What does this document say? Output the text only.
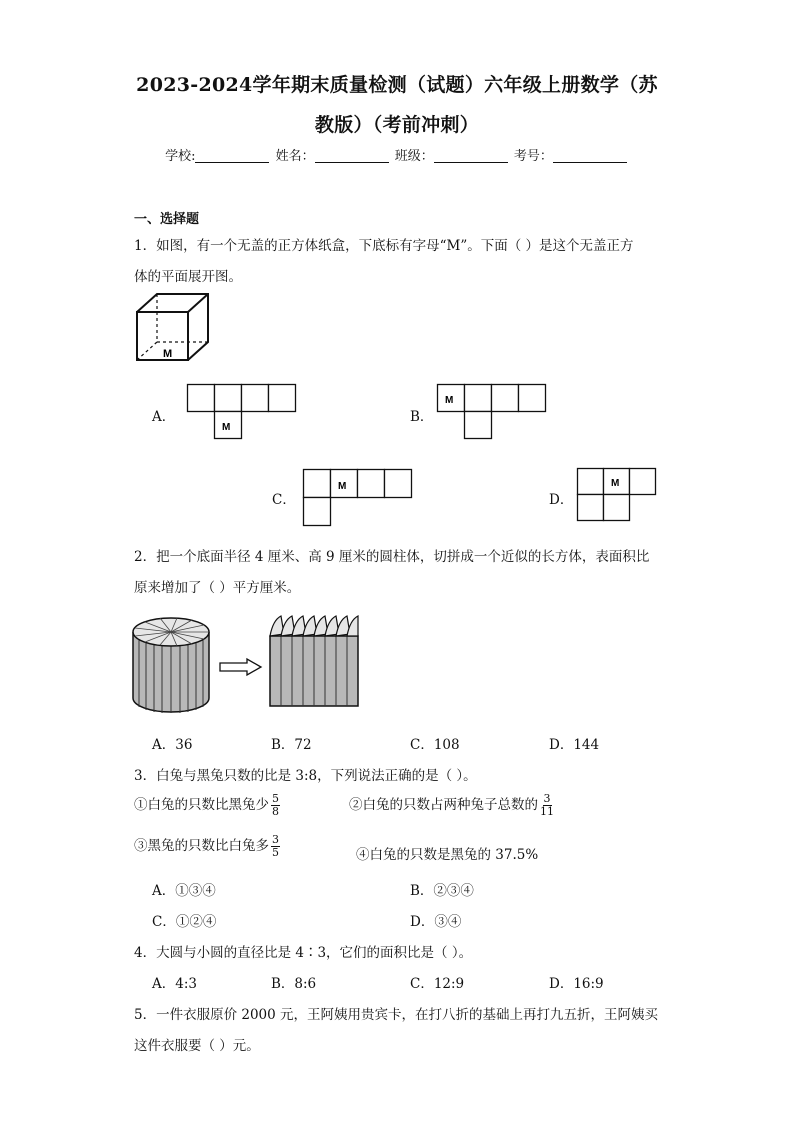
2023-2024学年期末质量检测（试题）六年级上册数学（苏
教版）（考前冲刺）
学校:	姓名：	班级：	考号：
一、选择题
1．如图，有一个无盖的正方体纸盒，下底标有字母“M”。下面（ ）是这个无盖正方
体的平面展开图。
M
A．
M
B．
M
C．
M
D．
M
2．把一个底面半径 4 厘米、高 9 厘米的圆柱体，切拼成一个近似的长方体，表面积比
原来增加了（ ）平方厘米。
A．36	B．72	C．108	D．144
3．白兔与黑兔只数的比是 3:8，下列说法正确的是（ ）。
①白兔的只数比黑兔少 $\frac{5}{8}$	②白兔的只数占两种兔子总数的 $\frac{3}{11}$
③黑兔的只数比白兔多 $\frac{3}{5}$	④白兔的只数是黑兔的 37.5%
A．①③④	B．②③④
C．①②④	D．③④
4．大圆与小圆的直径比是 4∶3，它们的面积比是（ ）。
A．4:3	B．8:6	C．12:9	D．16:9
5．一件衣服原价 2000 元，王阿姨用贵宾卡，在打八折的基础上再打九五折，王阿姨买
这件衣服要（ ）元。
